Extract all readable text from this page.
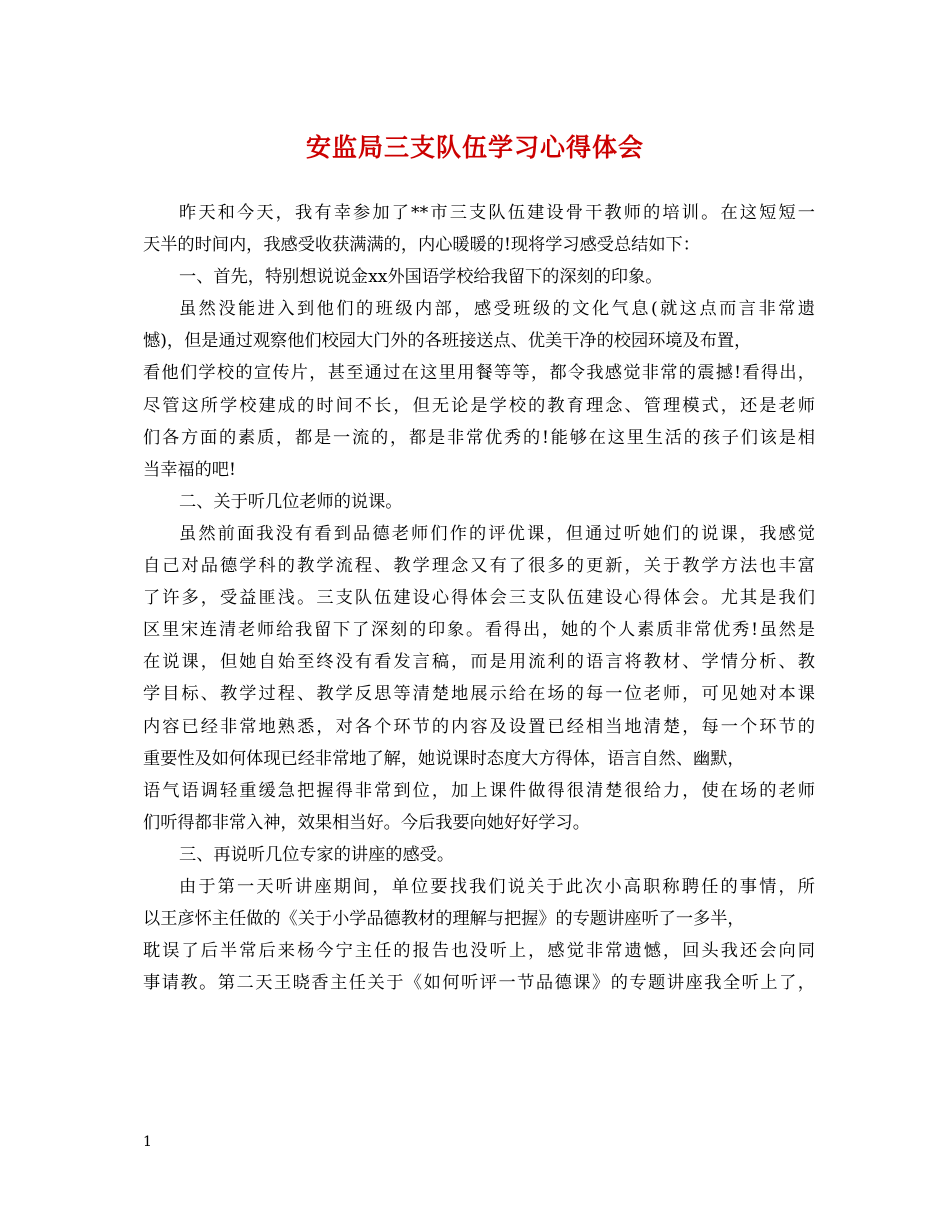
安监局三支队伍学习心得体会
昨天和今天，我有幸参加了**市三支队伍建设骨干教师的培训。在这短短一
天半的时间内，我感受收获满满的，内心暖暖的!现将学习感受总结如下：
一、首先，特别想说说金xx外国语学校给我留下的深刻的印象。
虽然没能进入到他们的班级内部，感受班级的文化气息(就这点而言非常遗
憾)，但是通过观察他们校园大门外的各班接送点、优美干净的校园环境及布置，
看他们学校的宣传片，甚至通过在这里用餐等等，都令我感觉非常的震撼!看得出，
尽管这所学校建成的时间不长，但无论是学校的教育理念、管理模式，还是老师
们各方面的素质，都是一流的，都是非常优秀的!能够在这里生活的孩子们该是相
当幸福的吧!
二、关于听几位老师的说课。
虽然前面我没有看到品德老师们作的评优课，但通过听她们的说课，我感觉
自己对品德学科的教学流程、教学理念又有了很多的更新，关于教学方法也丰富
了许多，受益匪浅。三支队伍建设心得体会三支队伍建设心得体会。尤其是我们
区里宋连清老师给我留下了深刻的印象。看得出，她的个人素质非常优秀!虽然是
在说课，但她自始至终没有看发言稿，而是用流利的语言将教材、学情分析、教
学目标、教学过程、教学反思等清楚地展示给在场的每一位老师，可见她对本课
内容已经非常地熟悉，对各个环节的内容及设置已经相当地清楚，每一个环节的
重要性及如何体现已经非常地了解，她说课时态度大方得体，语言自然、幽默，
语气语调轻重缓急把握得非常到位，加上课件做得很清楚很给力，使在场的老师
们听得都非常入神，效果相当好。今后我要向她好好学习。
三、再说听几位专家的讲座的感受。
由于第一天听讲座期间，单位要找我们说关于此次小高职称聘任的事情，所
以王彦怀主任做的《关于小学品德教材的理解与把握》的专题讲座听了一多半，
耽误了后半常后来杨今宁主任的报告也没听上，感觉非常遗憾，回头我还会向同
事请教。第二天王晓香主任关于《如何听评一节品德课》的专题讲座我全听上了，
1
